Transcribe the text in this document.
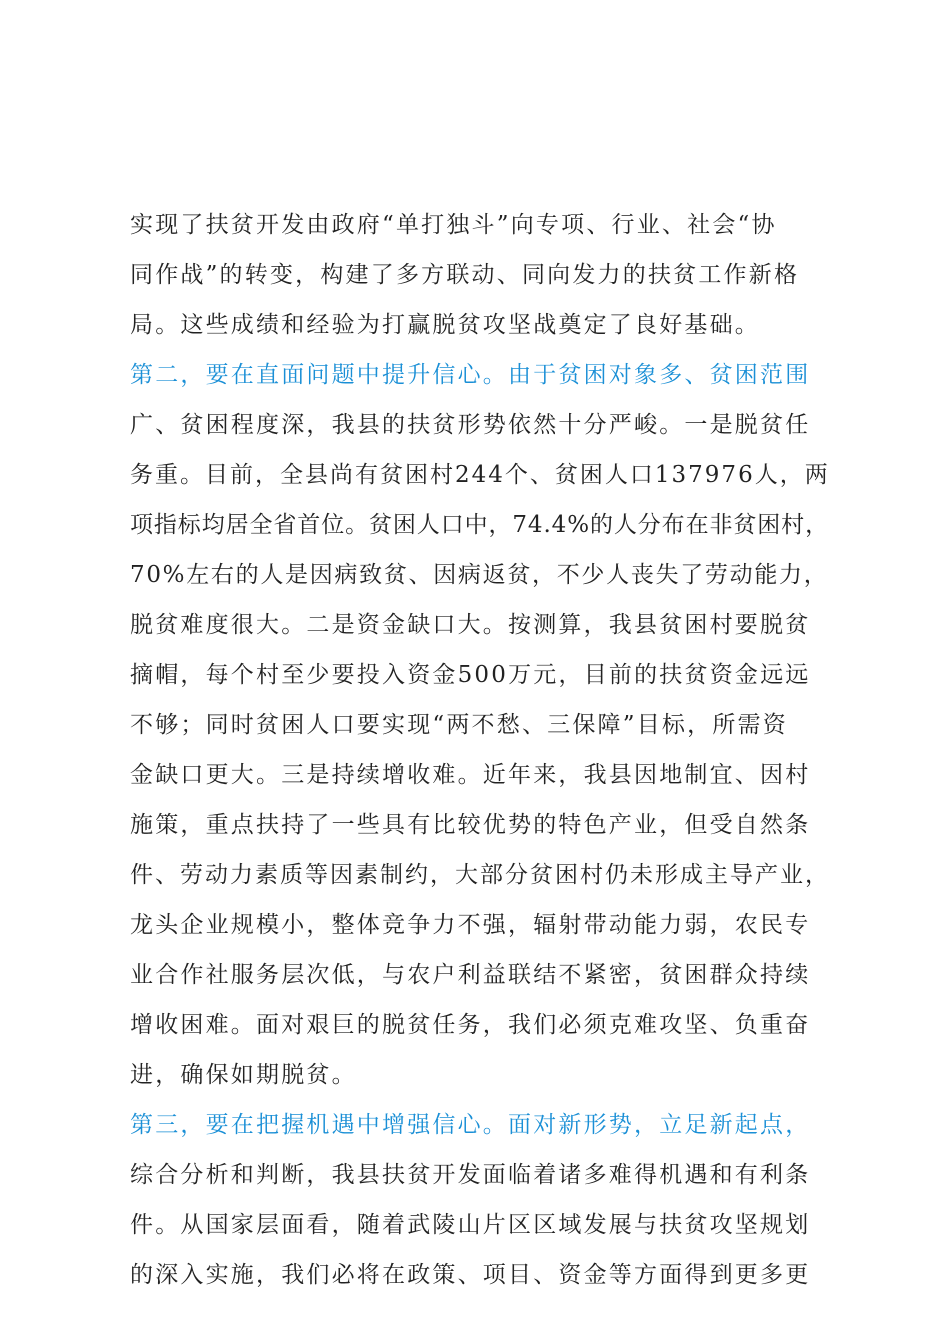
实现了扶贫开发由政府“单打独斗”向专项、行业、社会“协
同作战”的转变，构建了多方联动、同向发力的扶贫工作新格
局。这些成绩和经验为打赢脱贫攻坚战奠定了良好基础。
第二，要在直面问题中提升信心。由于贫困对象多、贫困范围
广、贫困程度深，我县的扶贫形势依然十分严峻。一是脱贫任
务重。目前，全县尚有贫困村244个、贫困人口137976人，两
项指标均居全省首位。贫困人口中，74.4%的人分布在非贫困村，
70%左右的人是因病致贫、因病返贫，不少人丧失了劳动能力，
脱贫难度很大。二是资金缺口大。按测算，我县贫困村要脱贫
摘帽，每个村至少要投入资金500万元，目前的扶贫资金远远
不够；同时贫困人口要实现“两不愁、三保障”目标，所需资
金缺口更大。三是持续增收难。近年来，我县因地制宜、因村
施策，重点扶持了一些具有比较优势的特色产业，但受自然条
件、劳动力素质等因素制约，大部分贫困村仍未形成主导产业，
龙头企业规模小，整体竞争力不强，辐射带动能力弱，农民专
业合作社服务层次低，与农户利益联结不紧密，贫困群众持续
增收困难。面对艰巨的脱贫任务，我们必须克难攻坚、负重奋
进，确保如期脱贫。
第三，要在把握机遇中增强信心。面对新形势，立足新起点，
综合分析和判断，我县扶贫开发面临着诸多难得机遇和有利条
件。从国家层面看，随着武陵山片区区域发展与扶贫攻坚规划
的深入实施，我们必将在政策、项目、资金等方面得到更多更
